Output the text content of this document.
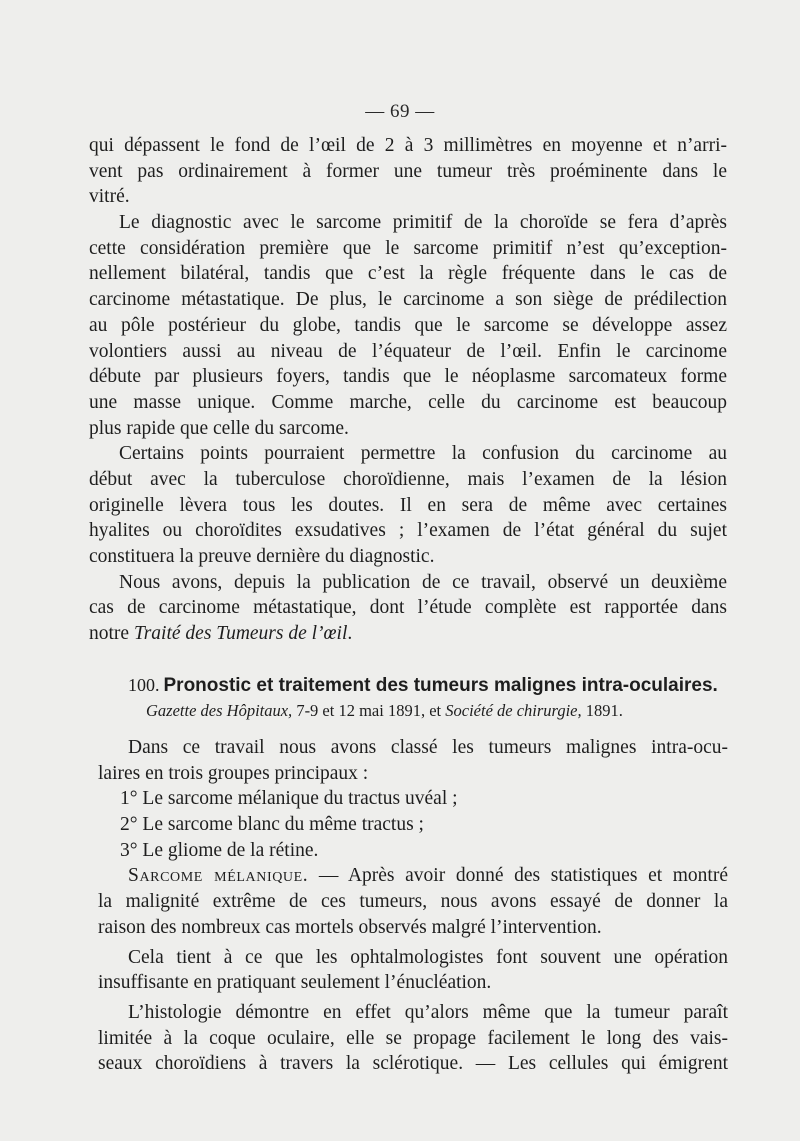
— 69 —
qui dépassent le fond de l’œil de 2 à 3 millimètres en moyenne et n’arri-
vent pas ordinairement à former une tumeur très proéminente dans le
vitré.
Le diagnostic avec le sarcome primitif de la choroïde se fera d’après
cette considération première que le sarcome primitif n’est qu’exception-
nellement bilatéral, tandis que c’est la règle fréquente dans le cas de
carcinome métastatique. De plus, le carcinome a son siège de prédilection
au pôle postérieur du globe, tandis que le sarcome se développe assez
volontiers aussi au niveau de l’équateur de l’œil. Enfin le carcinome
débute par plusieurs foyers, tandis que le néoplasme sarcomateux forme
une masse unique. Comme marche, celle du carcinome est beaucoup
plus rapide que celle du sarcome.
Certains points pourraient permettre la confusion du carcinome au
début avec la tuberculose choroïdienne, mais l’examen de la lésion
originelle lèvera tous les doutes. Il en sera de même avec certaines
hyalites ou choroïdites exsudatives ; l’examen de l’état général du sujet
constituera la preuve dernière du diagnostic.
Nous avons, depuis la publication de ce travail, observé un deuxième
cas de carcinome métastatique, dont l’étude complète est rapportée dans
notre Traité des Tumeurs de l’œil.
100. Pronostic et traitement des tumeurs malignes intra-oculaires.
Gazette des Hôpitaux, 7-9 et 12 mai 1891, et Société de chirurgie, 1891.
Dans ce travail nous avons classé les tumeurs malignes intra-ocu-
laires en trois groupes principaux :
1° Le sarcome mélanique du tractus uvéal ;
2° Le sarcome blanc du même tractus ;
3° Le gliome de la rétine.
Sarcome mélanique. — Après avoir donné des statistiques et montré
la malignité extrême de ces tumeurs, nous avons essayé de donner la
raison des nombreux cas mortels observés malgré l’intervention.
Cela tient à ce que les ophtalmologistes font souvent une opération
insuffisante en pratiquant seulement l’énucléation.
L’histologie démontre en effet qu’alors même que la tumeur paraît
limitée à la coque oculaire, elle se propage facilement le long des vais-
seaux choroïdiens à travers la sclérotique. — Les cellules qui émigrent
